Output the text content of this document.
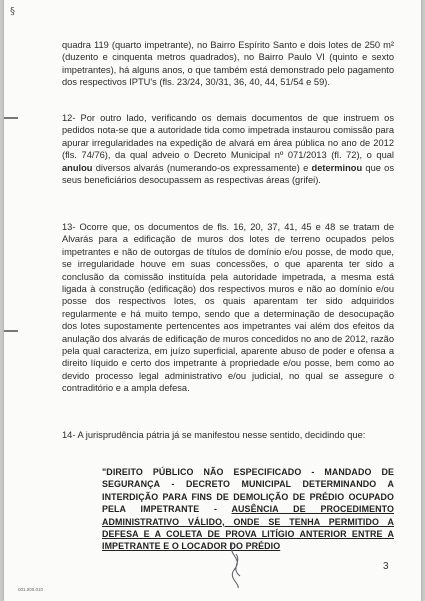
§

quadra 119 (quarto impetrante), no Bairro Espírito Santo e dois lotes de 250 m² (duzento e cinquenta metros quadrados), no Bairro Paulo VI (quinto e sexto impetrantes), há alguns anos, o que também está demonstrado pelo pagamento dos respectivos IPTU's (fls. 23/24, 30/31, 36, 40, 44, 51/54 e 59).

12- Por outro lado, verificando os demais documentos de que instruem os pedidos nota-se que a autoridade tida como impetrada instaurou comissão para apurar irregularidades na expedição de alvará em área pública no ano de 2012 (fls. 74/76), da qual adveio o Decreto Municipal nº 071/2013 (fl. 72), o qual anulou diversos alvarás (numerando-os expressamente) e determinou que os seus beneficiários desocupassem as respectivas áreas (grifei).

13- Ocorre que, os documentos de fls. 16, 20, 37, 41, 45 e 48 se tratam de Alvarás para a edificação de muros dos lotes de terreno ocupados pelos impetrantes e não de outorgas de títulos de domínio e/ou posse, de modo que, se irregularidade houve em suas concessões, o que aparenta ter sido a conclusão da comissão instituída pela autoridade impetrada, a mesma está ligada à construção (edificação) dos respectivos muros e não ao domínio e/ou posse dos respectivos lotes, os quais aparentam ter sido adquiridos regularmente e há muito tempo, sendo que a determinação de desocupação dos lotes supostamente pertencentes aos impetrantes vai além dos efeitos da anulação dos alvarás de edificação de muros concedidos no ano de 2012, razão pela qual caracteriza, em juízo superficial, aparente abuso de poder e ofensa a direito líquido e certo dos impetrante à propriedade e/ou posse, bem como ao devido processo legal administrativo e/ou judicial, no qual se assegure o contraditório e a ampla defesa.

14- A jurisprudência pátria já se manifestou nesse sentido, decidindo que:

"DIREITO PÚBLICO NÃO ESPECIFICADO - MANDADO DE SEGURANÇA - DECRETO MUNICIPAL DETERMINANDO A INTERDIÇÃO PARA FINS DE DEMOLIÇÃO DE PRÉDIO OCUPADO PELA IMPETRANTE - AUSÊNCIA DE PROCEDIMENTO ADMINISTRATIVO VÁLIDO, ONDE SE TENHA PERMITIDO A DEFESA E A COLETA DE PROVA LITÍGIO ANTERIOR ENTRE A IMPETRANTE E O LOCADOR DO PRÉDIO

3
001.000.010
